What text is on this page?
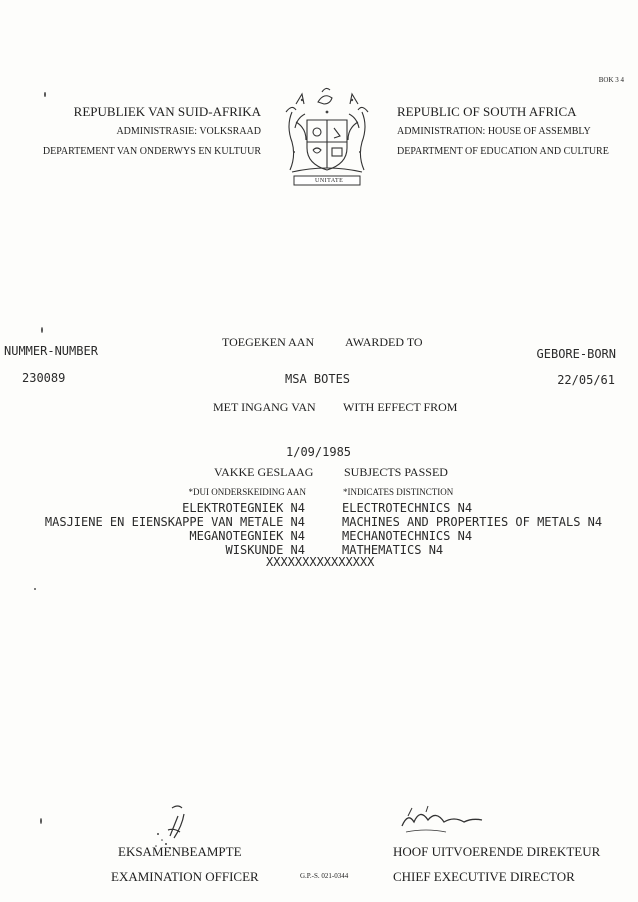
BOK 3 4
REPUBLIEK VAN SUID-AFRIKA
ADMINISTRASIE: VOLKSRAAD
DEPARTEMENT VAN ONDERWYS EN KULTUUR
UNITATE
REPUBLIC OF SOUTH AFRICA
ADMINISTRATION: HOUSE OF ASSEMBLY
DEPARTMENT OF EDUCATION AND CULTURE
TOEGEKEN AAN	AWARDED TO
NUMMER-NUMBER	GEBORE-BORN
230089	MSA BOTES	22/05/61
MET INGANG VAN WITH EFFECT FROM
1/09/1985
VAKKE GESLAAG	SUBJECTS PASSED
*DUI ONDERSKEIDING AAN	*INDICATES DISTINCTION
ELEKTROTEGNIEK N4	ELECTROTECHNICS N4
MASJIENE EN EIENSKAPPE VAN METALE N4	MACHINES AND PROPERTIES OF METALS N4
MEGANOTEGNIEK N4	MECHANOTECHNICS N4
WISKUNDE N4	MATHEMATICS N4
XXXXXXXXXXXXXXX
EKSAMENBEAMPTE
EXAMINATION OFFICER
HOOF UITVOERENDE DIREKTEUR
CHIEF EXECUTIVE DIRECTOR
G.P.-S. 021-0344
